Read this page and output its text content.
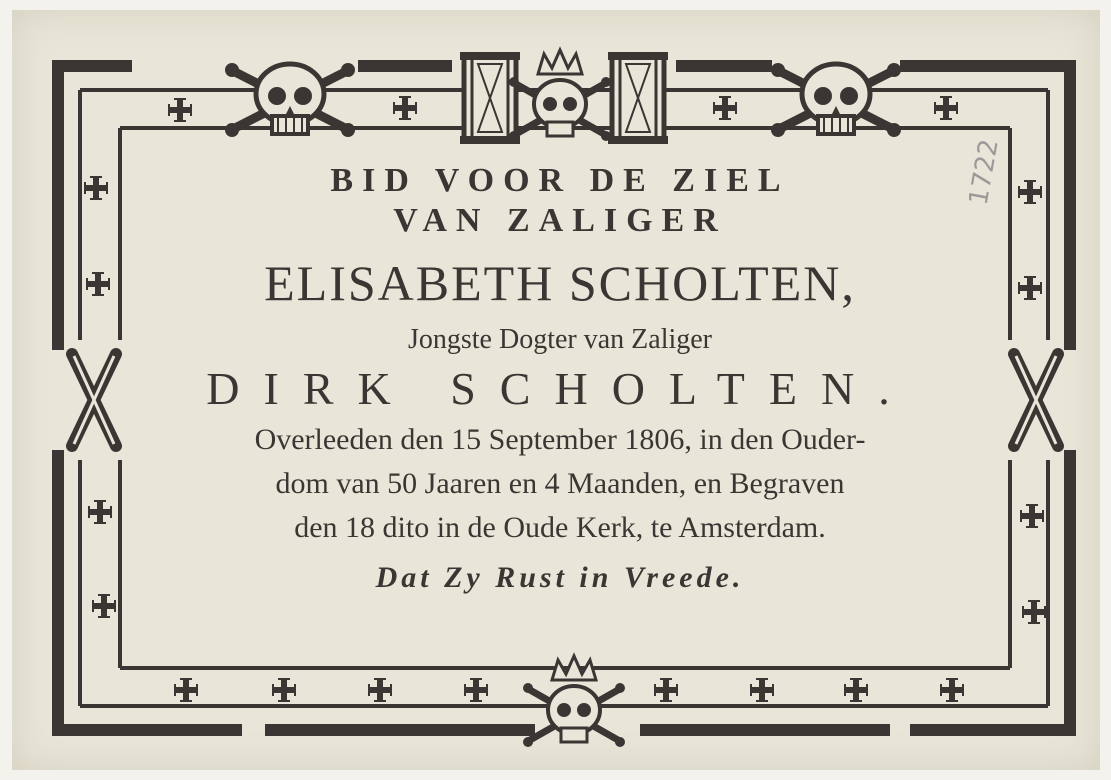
BID VOOR DE ZIEL
VAN ZALIGER
ELISABETH SCHOLTEN,
Jongste Dogter van Zaliger
DIRK SCHOLTEN.
Overleeden den 15 September 1806, in den Ouder-
dom van 50 Jaaren en 4 Maanden, en Begraven
den 18 dito in de Oude Kerk, te Amsterdam.
Dat Zy Rust in Vreede.
1722
